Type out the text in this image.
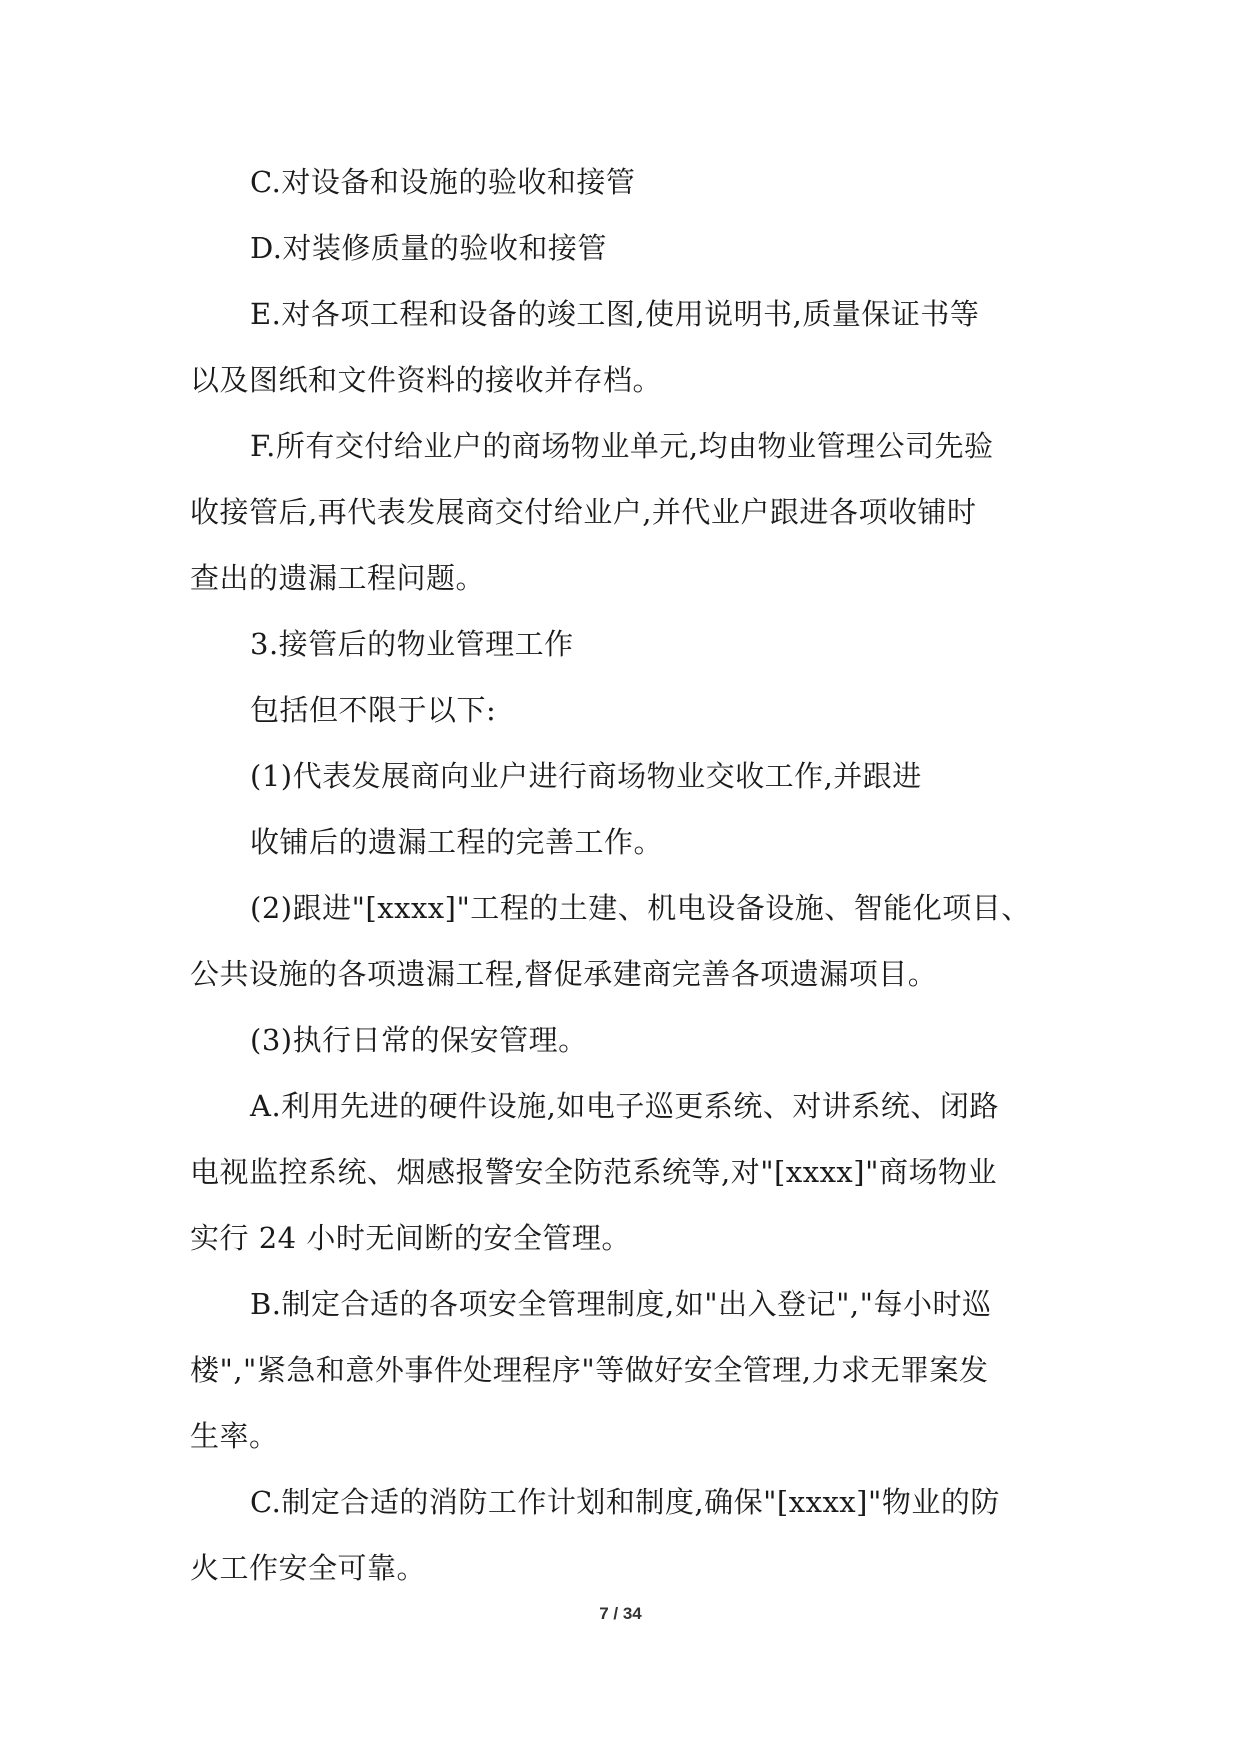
C.对设备和设施的验收和接管
D.对装修质量的验收和接管
E.对各项工程和设备的竣工图,使用说明书,质量保证书等
以及图纸和文件资料的接收并存档。
F.所有交付给业户的商场物业单元,均由物业管理公司先验
收接管后,再代表发展商交付给业户,并代业户跟进各项收铺时
查出的遗漏工程问题。
3.接管后的物业管理工作
包括但不限于以下:
(1)代表发展商向业户进行商场物业交收工作,并跟进
收铺后的遗漏工程的完善工作。
(2)跟进"[xxxx]"工程的土建、机电设备设施、智能化项目、
公共设施的各项遗漏工程,督促承建商完善各项遗漏项目。
(3)执行日常的保安管理。
A.利用先进的硬件设施,如电子巡更系统、对讲系统、闭路
电视监控系统、烟感报警安全防范系统等,对"[xxxx]"商场物业
实行 24 小时无间断的安全管理。
B.制定合适的各项安全管理制度,如"出入登记","每小时巡
楼","紧急和意外事件处理程序"等做好安全管理,力求无罪案发
生率。
C.制定合适的消防工作计划和制度,确保"[xxxx]"物业的防
火工作安全可靠。
7 / 34
